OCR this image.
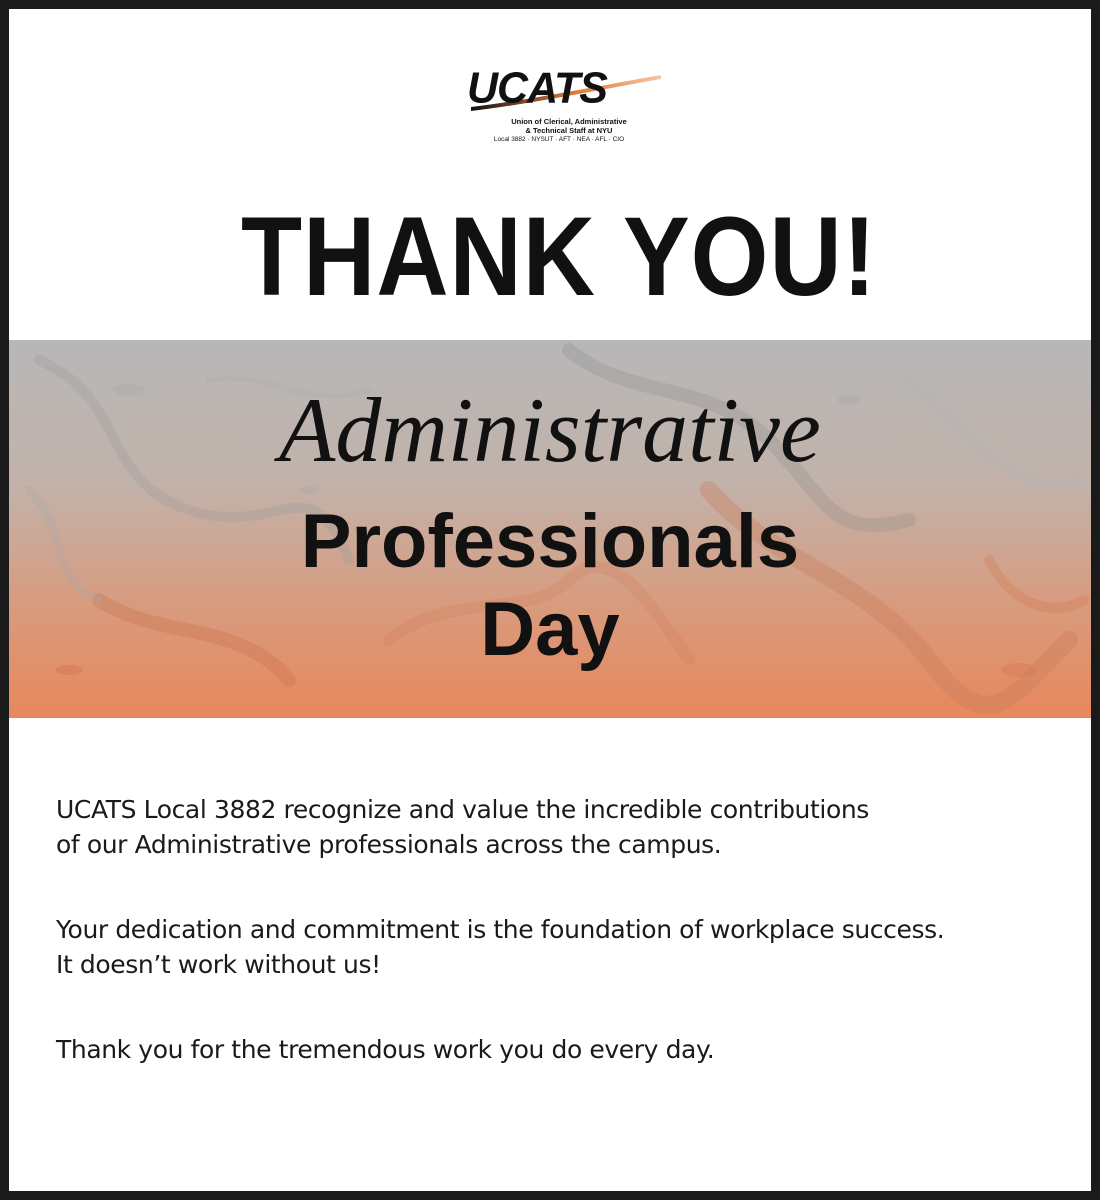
UCATS
Union of Clerical, Administrative
& Technical Staff at NYU
Local 3882 · NYSUT · AFT · NEA · AFL · CIO
THANK YOU!
Administrative
Professionals
Day
UCATS Local 3882 recognize and value the incredible contributions
of our Administrative professionals across the campus.
Your dedication and commitment is the foundation of workplace success.
It doesn’t work without us!
Thank you for the tremendous work you do every day.
